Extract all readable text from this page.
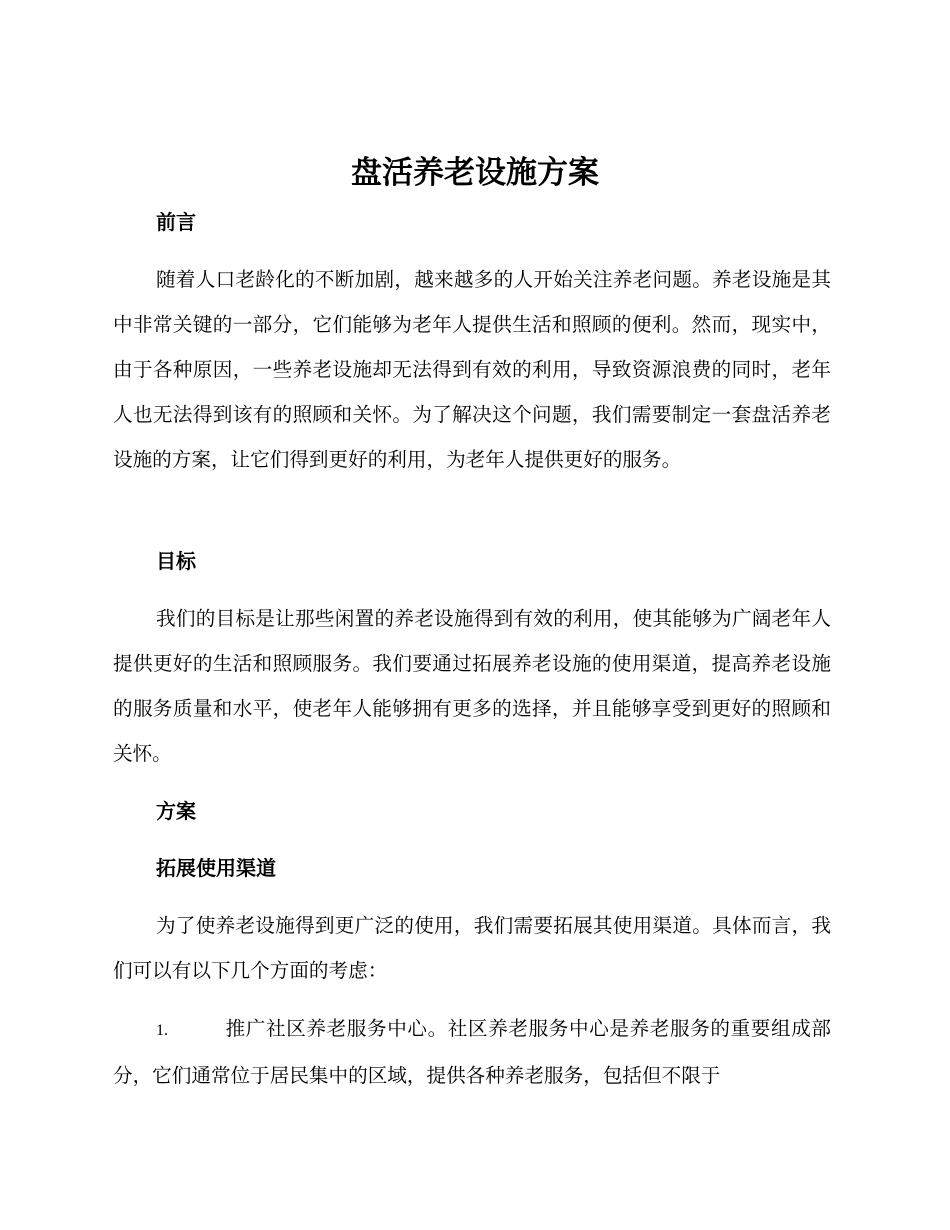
盘活养老设施方案
前言

随着人口老龄化的不断加剧，越来越多的人开始关注养老问题。养老设施是其中非常关键的一部分，它们能够为老年人提供生活和照顾的便利。然而，现实中，由于各种原因，一些养老设施却无法得到有效的利用，导致资源浪费的同时，老年人也无法得到该有的照顾和关怀。为了解决这个问题，我们需要制定一套盘活养老设施的方案，让它们得到更好的利用，为老年人提供更好的服务。

目标

我们的目标是让那些闲置的养老设施得到有效的利用，使其能够为广阔老年人提供更好的生活和照顾服务。我们要通过拓展养老设施的使用渠道，提高养老设施的服务质量和水平，使老年人能够拥有更多的选择，并且能够享受到更好的照顾和关怀。

方案
拓展使用渠道

为了使养老设施得到更广泛的使用，我们需要拓展其使用渠道。具体而言，我们可以有以下几个方面的考虑：

1.	推广社区养老服务中心。社区养老服务中心是养老服务的重要组成部分，它们通常位于居民集中的区域，提供各种养老服务，包括但不限于
